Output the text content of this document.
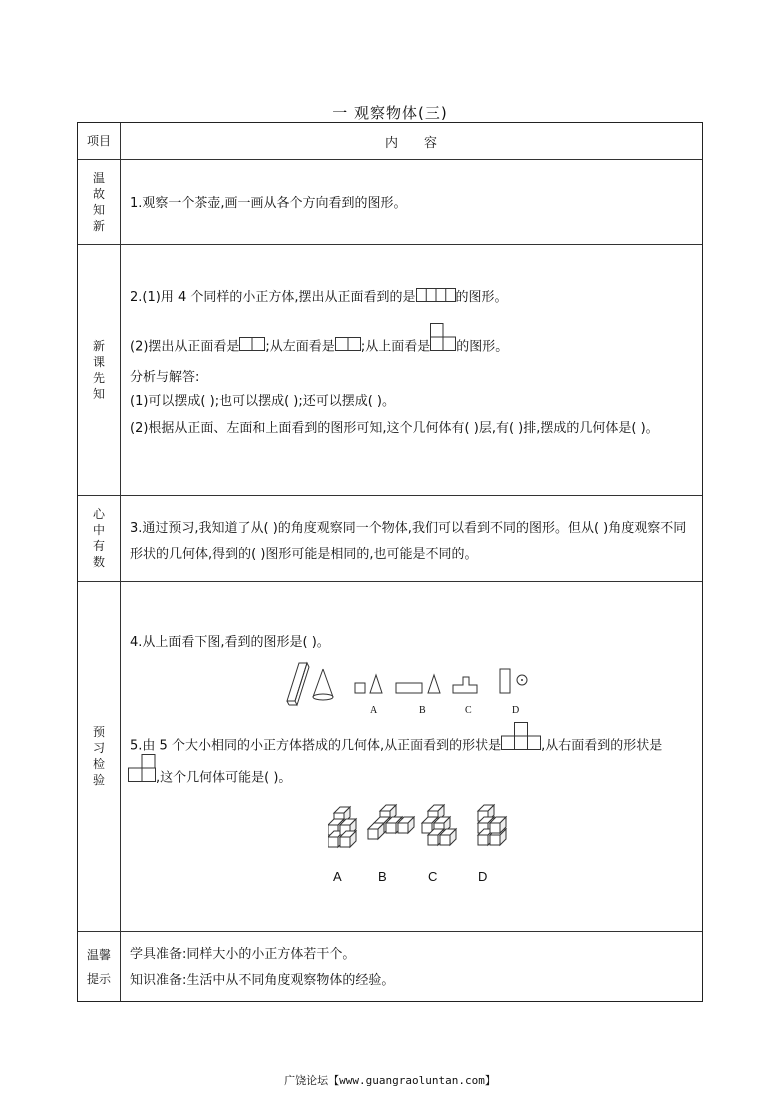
一 观察物体(三)
项目	内容
温故知新
1.观察一个茶壶,画一画从各个方向看到的图形。
新课先知
2.(1)用 4 个同样的小正方体,摆出从正面看到的是	的图形。
(2)摆出从正面看是 ;从左面看是 ;从上面看是 的图形。
分析与解答:
(1)可以摆成( );也可以摆成( );还可以摆成( )。
(2)根据从正面、左面和上面看到的图形可知,这个几何体有( )层,有( )排,摆成的几何体是( )。
心中有数
3.通过预习,我知道了从( )的角度观察同一个物体,我们可以看到不同的图形。但从( )角度观察不同形状的几何体,得到的( )图形可能是相同的,也可能是不同的。
预习检验
4.从上面看下图,看到的图形是( )。
A	B	C	D
5.由 5 个大小相同的小正方体搭成的几何体,从正面看到的形状是	,从右面看到的形状是
,这个几何体可能是( )。
A	B	C	D
温馨提示
学具准备:同样大小的小正方体若干个。
知识准备:生活中从不同角度观察物体的经验。
广饶论坛【www.guangraoluntan.com】
